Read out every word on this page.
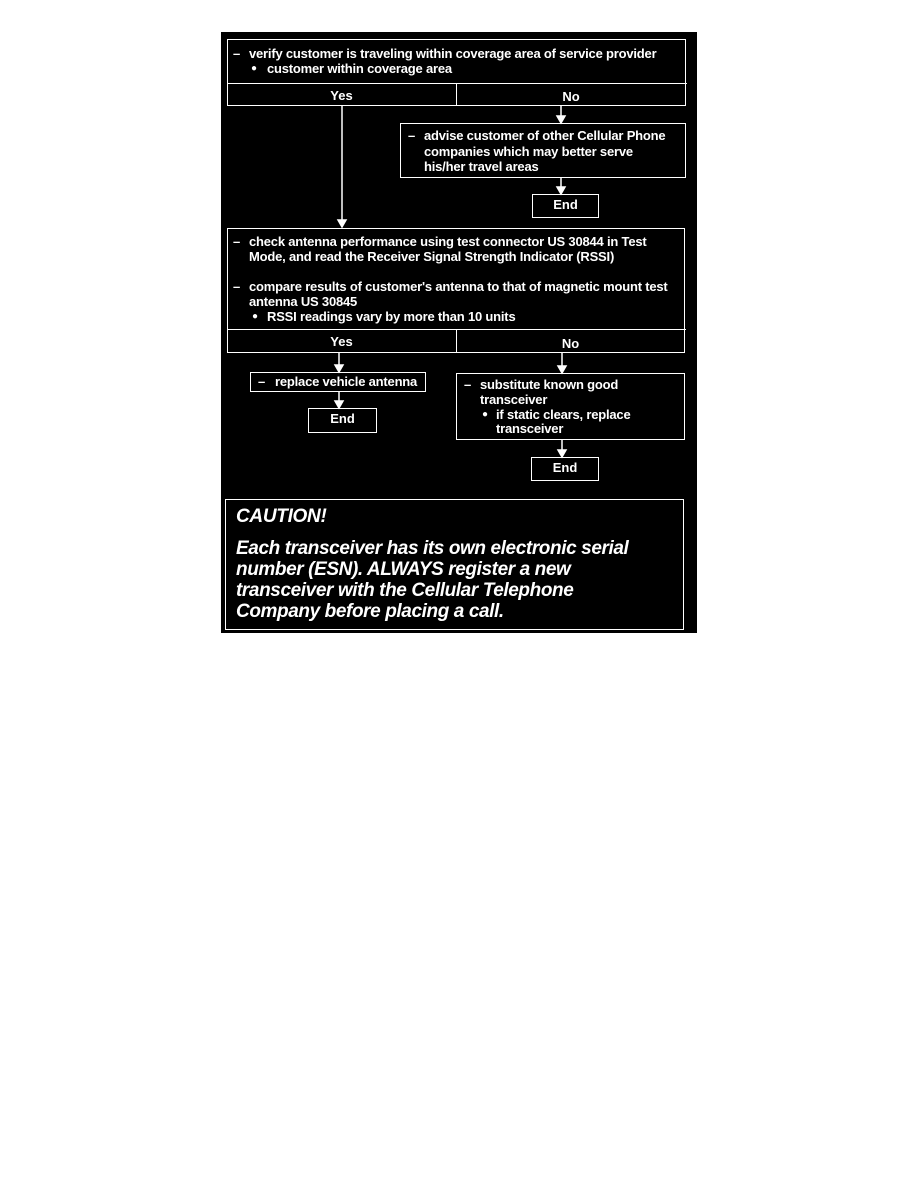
– verify customer is traveling within coverage area of service provider
● customer within coverage area
Yes	No
– advise customer of other Cellular Phone
companies which may better serve
his/her travel areas
End
– check antenna performance using test connector US 30844 in Test
Mode, and read the Receiver Signal Strength Indicator (RSSI)
– compare results of customer's antenna to that of magnetic mount test
antenna US 30845
● RSSI readings vary by more than 10 units
Yes	No
– replace vehicle antenna
End
– substitute known good
transceiver
● if static clears, replace
transceiver
End
CAUTION!
Each transceiver has its own electronic serial
number (ESN). ALWAYS register a new
transceiver with the Cellular Telephone
Company before placing a call.
